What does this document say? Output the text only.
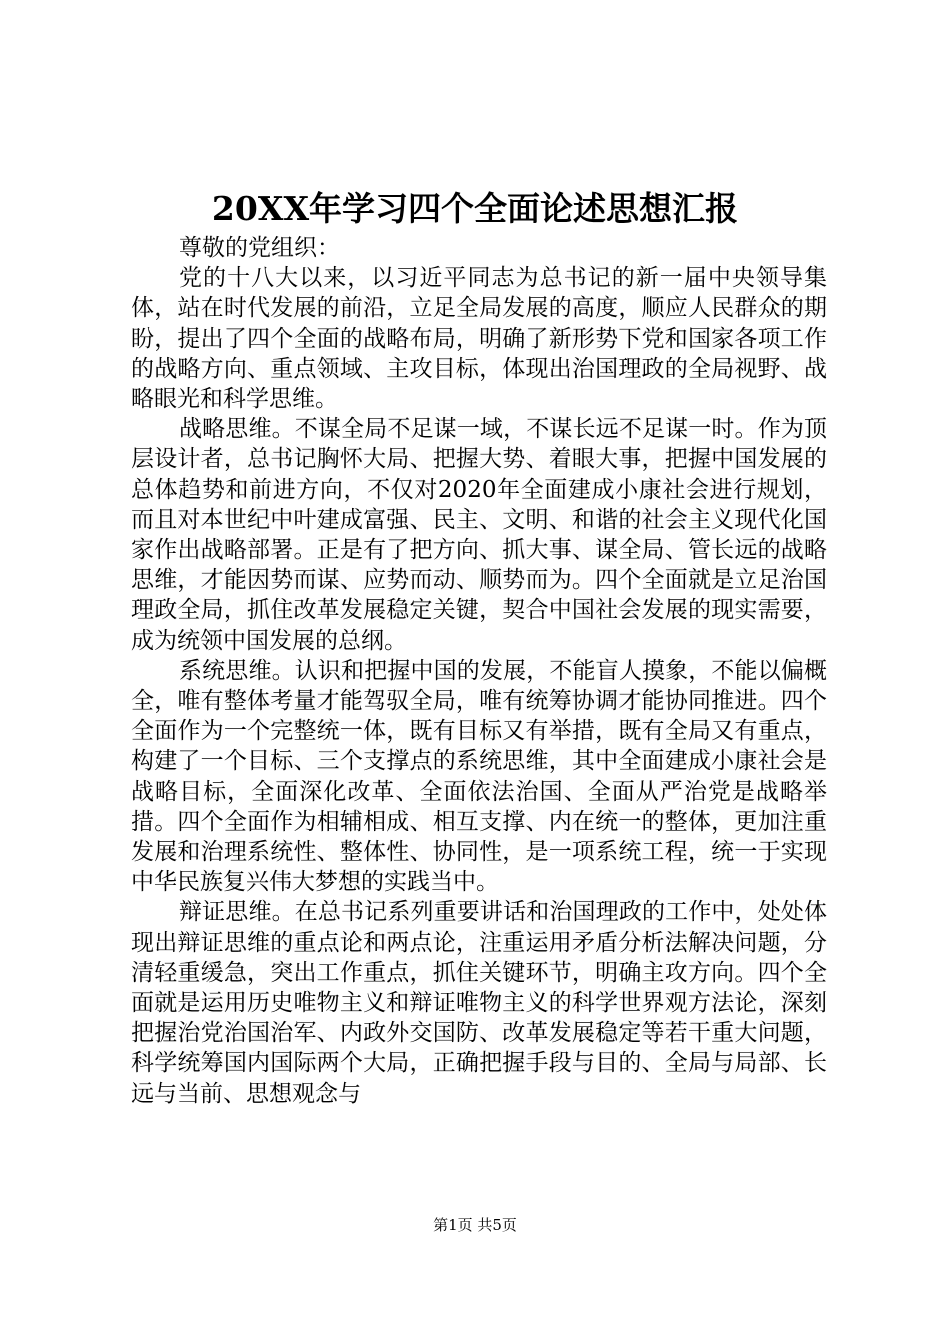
20XX年学习四个全面论述思想汇报

尊敬的党组织：

党的十八大以来，以习近平同志为总书记的新一届中央领导集体，站在时代发展的前沿，立足全局发展的高度，顺应人民群众的期盼，提出了四个全面的战略布局，明确了新形势下党和国家各项工作的战略方向、重点领域、主攻目标，体现出治国理政的全局视野、战略眼光和科学思维。

战略思维。不谋全局不足谋一域，不谋长远不足谋一时。作为顶层设计者，总书记胸怀大局、把握大势、着眼大事，把握中国发展的总体趋势和前进方向，不仅对2020年全面建成小康社会进行规划，而且对本世纪中叶建成富强、民主、文明、和谐的社会主义现代化国家作出战略部署。正是有了把方向、抓大事、谋全局、管长远的战略思维，才能因势而谋、应势而动、顺势而为。四个全面就是立足治国理政全局，抓住改革发展稳定关键，契合中国社会发展的现实需要，成为统领中国发展的总纲。

系统思维。认识和把握中国的发展，不能盲人摸象，不能以偏概全，唯有整体考量才能驾驭全局，唯有统筹协调才能协同推进。四个全面作为一个完整统一体，既有目标又有举措，既有全局又有重点，构建了一个目标、三个支撑点的系统思维，其中全面建成小康社会是战略目标，全面深化改革、全面依法治国、全面从严治党是战略举措。四个全面作为相辅相成、相互支撑、内在统一的整体，更加注重发展和治理系统性、整体性、协同性，是一项系统工程，统一于实现中华民族复兴伟大梦想的实践当中。

辩证思维。在总书记系列重要讲话和治国理政的工作中，处处体现出辩证思维的重点论和两点论，注重运用矛盾分析法解决问题，分清轻重缓急，突出工作重点，抓住关键环节，明确主攻方向。四个全面就是运用历史唯物主义和辩证唯物主义的科学世界观方法论，深刻把握治党治国治军、内政外交国防、改革发展稳定等若干重大问题，科学统筹国内国际两个大局，正确把握手段与目的、全局与局部、长远与当前、思想观念与

第1页 共5页
